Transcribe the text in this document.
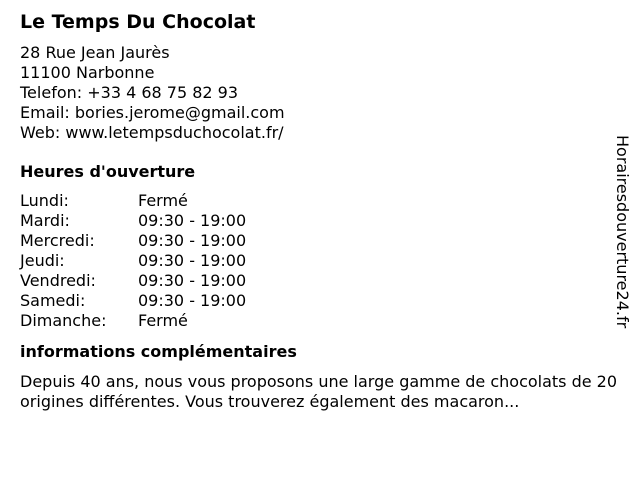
Le Temps Du Chocolat
28 Rue Jean Jaurès
11100 Narbonne
Telefon: +33 4 68 75 82 93
Email: bories.jerome@gmail.com
Web: www.letempsduchocolat.fr/
Heures d'ouverture
Lundi:	Fermé
Mardi:	09:30 - 19:00
Mercredi:	09:30 - 19:00
Jeudi:	09:30 - 19:00
Vendredi:	09:30 - 19:00
Samedi:	09:30 - 19:00
Dimanche:	Fermé
informations complémentaires

Depuis 40 ans, nous vous proposons une large gamme de chocolats de 20 origines différentes. Vous trouverez également des macaron...

Horairesdouverture24.fr
